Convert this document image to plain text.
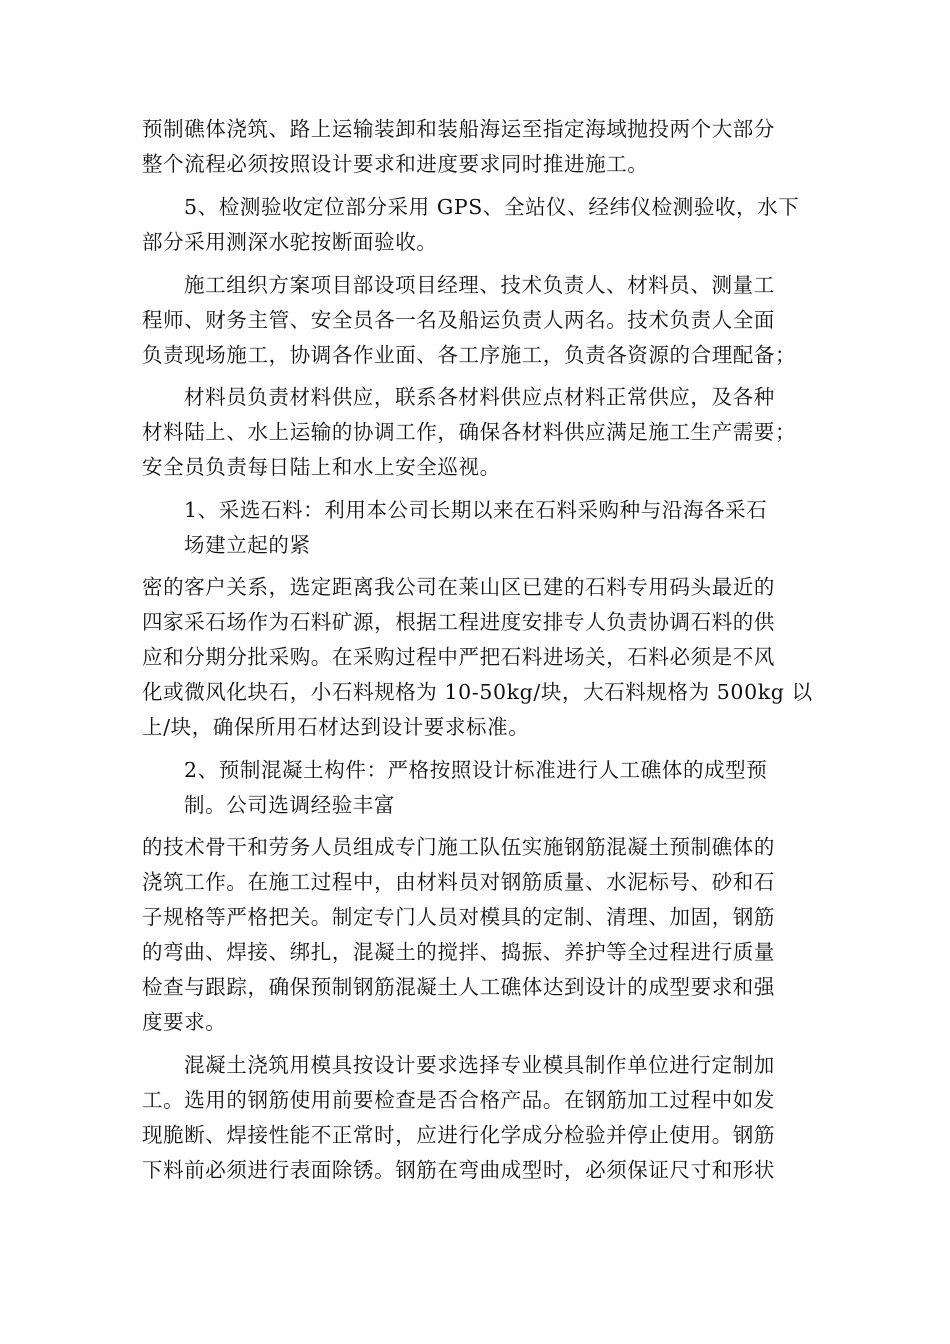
预制礁体浇筑、路上运输装卸和装船海运至指定海域抛投两个大部分
整个流程必须按照设计要求和进度要求同时推进施工。
5、检测验收定位部分采用 GPS、全站仪、经纬仪检测验收，水下
部分采用测深水驼按断面验收。
施工组织方案项目部设项目经理、技术负责人、材料员、测量工
程师、财务主管、安全员各一名及船运负责人两名。技术负责人全面
负责现场施工，协调各作业面、各工序施工，负责各资源的合理配备；
材料员负责材料供应，联系各材料供应点材料正常供应，及各种
材料陆上、水上运输的协调工作，确保各材料供应满足施工生产需要；
安全员负责每日陆上和水上安全巡视。
1、采选石料：利用本公司长期以来在石料采购种与沿海各采石
场建立起的紧
密的客户关系，选定距离我公司在莱山区已建的石料专用码头最近的
四家采石场作为石料矿源，根据工程进度安排专人负责协调石料的供
应和分期分批采购。在采购过程中严把石料进场关，石料必须是不风
化或微风化块石，小石料规格为 10-50kg/块，大石料规格为 500kg 以
上/块，确保所用石材达到设计要求标准。
2、预制混凝土构件：严格按照设计标准进行人工礁体的成型预
制。公司选调经验丰富
的技术骨干和劳务人员组成专门施工队伍实施钢筋混凝土预制礁体的
浇筑工作。在施工过程中，由材料员对钢筋质量、水泥标号、砂和石
子规格等严格把关。制定专门人员对模具的定制、清理、加固，钢筋
的弯曲、焊接、绑扎，混凝土的搅拌、捣振、养护等全过程进行质量
检查与跟踪，确保预制钢筋混凝土人工礁体达到设计的成型要求和强
度要求。
混凝土浇筑用模具按设计要求选择专业模具制作单位进行定制加
工。选用的钢筋使用前要检查是否合格产品。在钢筋加工过程中如发
现脆断、焊接性能不正常时，应进行化学成分检验并停止使用。钢筋
下料前必须进行表面除锈。钢筋在弯曲成型时，必须保证尺寸和形状
